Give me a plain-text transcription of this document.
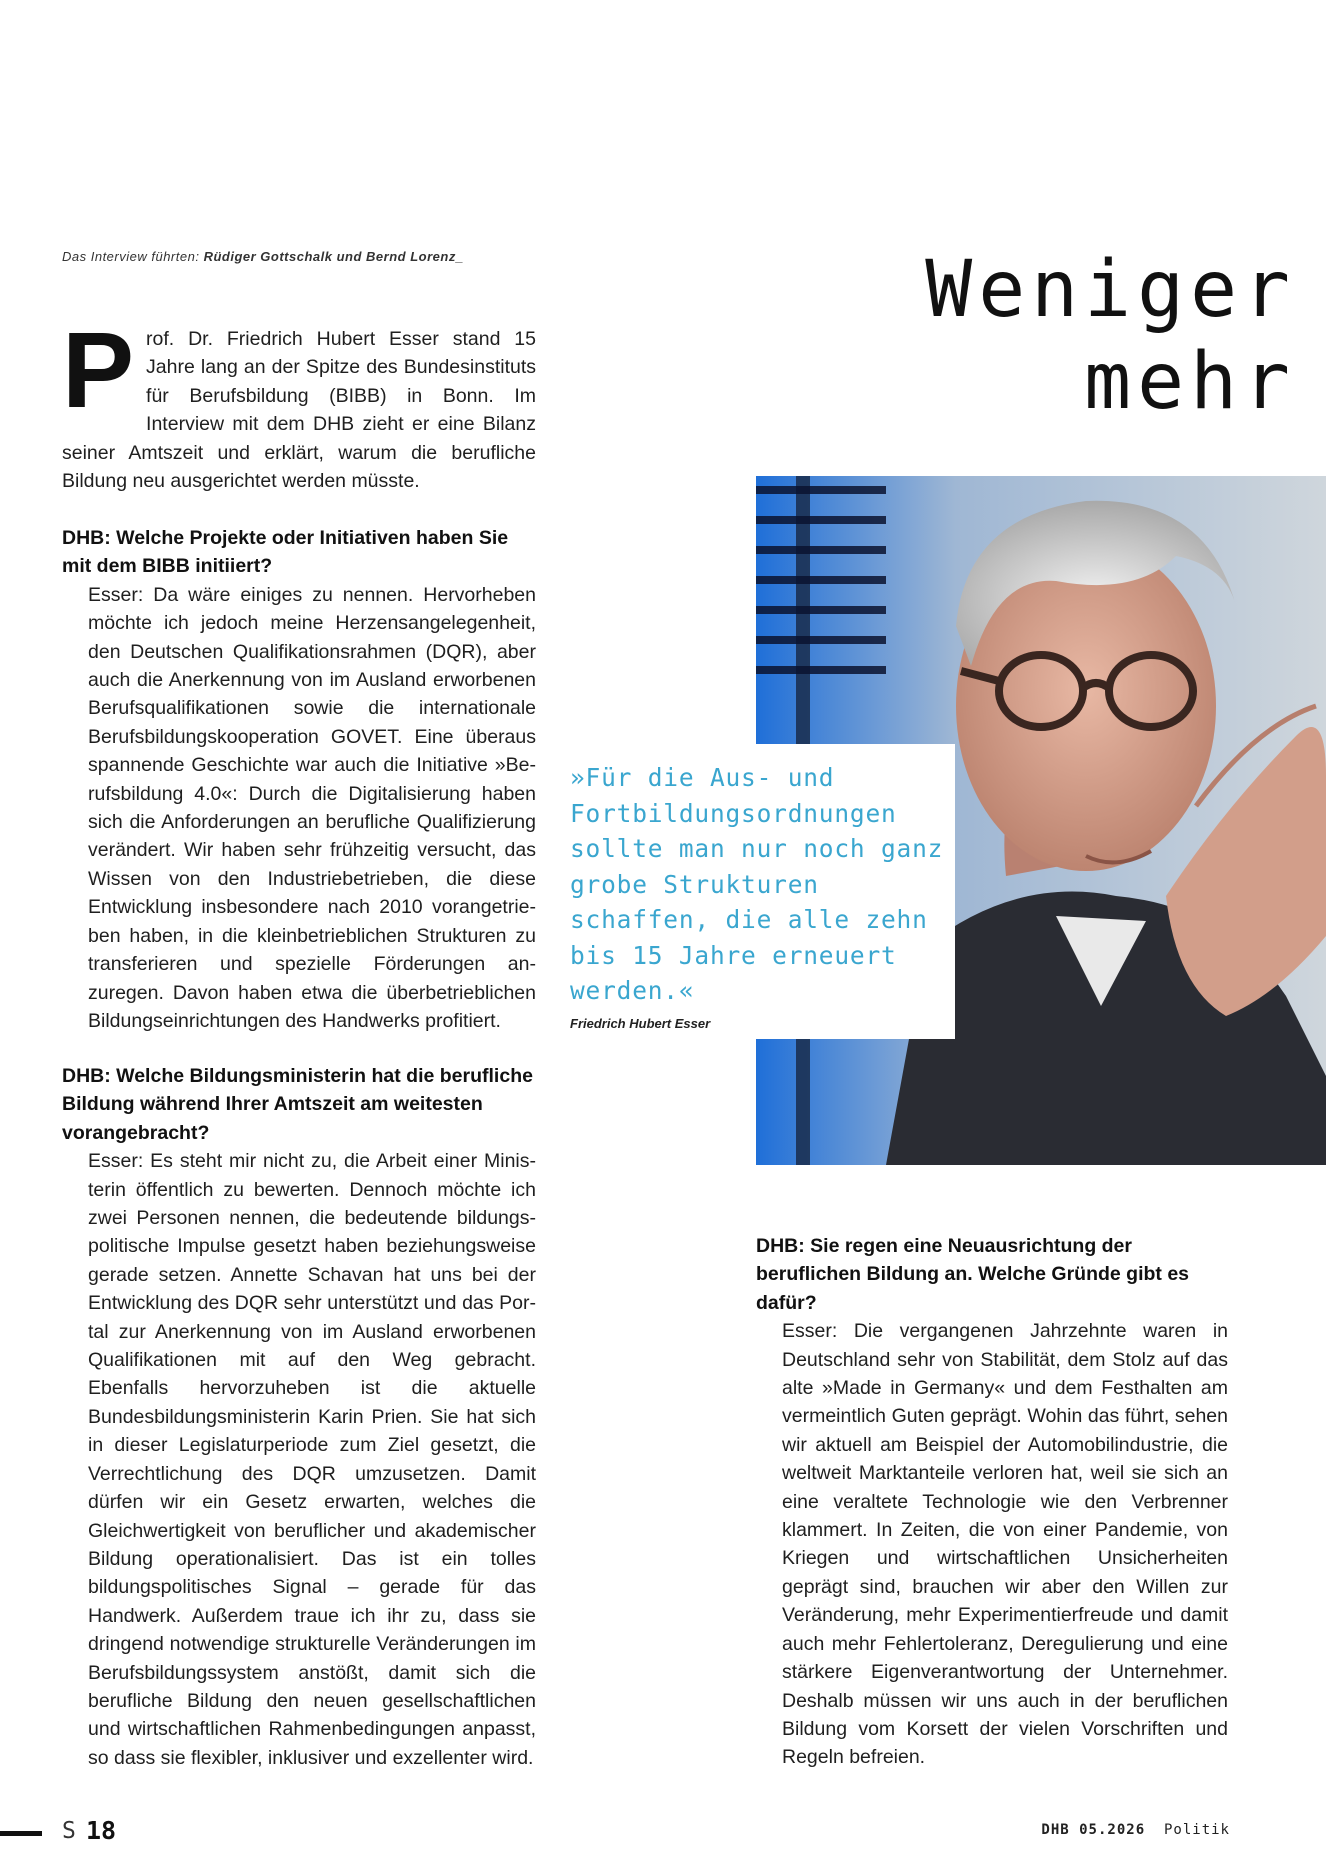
Das Interview führten: Rüdiger Gottschalk und Bernd Lorenz_	Weniger
mehr
Prof. Dr. Friedrich Hubert Esser stand 15 Jahre lang an der Spitze des Bundesinstituts für Berufsbildung (BIBB) in Bonn. Im Interview mit dem DHB zieht er eine Bilanz seiner Amtszeit und erklärt, warum die berufliche Bildung neu ausgerichtet werden müsste.

DHB: Welche Projekte oder Initiativen haben Sie mit dem BIBB initiiert?

Esser: Da wäre einiges zu nennen. Hervorheben möchte ich jedoch meine Herzensangelegenheit, den Deutschen Qualifikationsrahmen (DQR), aber auch die Anerkennung von im Ausland erworbenen Berufsqualifikationen sowie die internationale Berufsbildungskooperation GOVET. Eine überaus spannende Geschichte war auch die Initiative »Berufsbildung 4.0«: Durch die Digitalisierung haben sich die Anforderungen an berufliche Qualifizierung verändert. Wir haben sehr frühzeitig versucht, das Wissen von den Industriebetrieben, die diese Entwicklung insbesondere nach 2010 vorangetrieben haben, in die kleinbetrieblichen Strukturen zu transferieren und spezielle Förderungen anzuregen. Davon haben etwa die überbetrieblichen Bildungseinrichtungen des Handwerks profitiert.

DHB: Welche Bildungsministerin hat die berufliche Bildung während Ihrer Amtszeit am weitesten vorangebracht?

Esser: Es steht mir nicht zu, die Arbeit einer Ministerin öffentlich zu bewerten. Dennoch möchte ich zwei Personen nennen, die bedeutende bildungspolitische Impulse gesetzt haben beziehungsweise gerade setzen. Annette Schavan hat uns bei der Entwicklung des DQR sehr unterstützt und das Portal zur Anerkennung von im Ausland erworbenen Qualifikationen mit auf den Weg gebracht. Ebenfalls hervorzuheben ist die aktuelle Bundesbildungsministerin Karin Prien. Sie hat sich in dieser Legislaturperiode zum Ziel gesetzt, die Verrechtlichung des DQR umzusetzen. Damit dürfen wir ein Gesetz erwarten, welches die Gleichwertigkeit von beruflicher und akademischer Bildung operationalisiert. Das ist ein tolles bildungspolitisches Signal – gerade für das Handwerk. Außerdem traue ich ihr zu, dass sie dringend notwendige strukturelle Veränderungen im Berufsbildungssystem anstößt, damit sich die berufliche Bildung den neuen gesellschaftlichen und wirtschaftlichen Rahmenbedingungen anpasst, so dass sie flexibler, inklusiver und exzellenter wird.

»Für die Aus- und Fortbildungsordnungen sollte man nur noch ganz grobe Strukturen schaffen, die alle zehn bis 15 Jahre erneuert werden.«
Friedrich Hubert Esser

DHB: Sie regen eine Neuausrichtung der beruflichen Bildung an. Welche Gründe gibt es dafür?

Esser: Die vergangenen Jahrzehnte waren in Deutschland sehr von Stabilität, dem Stolz auf das alte »Made in Germany« und dem Festhalten am vermeintlich Guten geprägt. Wohin das führt, sehen wir aktuell am Beispiel der Automobilindustrie, die weltweit Marktanteile verloren hat, weil sie sich an eine veraltete Technologie wie den Verbrenner klammert. In Zeiten, die von einer Pandemie, von Kriegen und wirtschaftlichen Unsicherheiten geprägt sind, brauchen wir aber den Willen zur Veränderung, mehr Experimentierfreude und damit auch mehr Fehlertoleranz, Deregulierung und eine stärkere Eigenverantwortung der Unternehmer. Deshalb müssen wir uns auch in der beruflichen Bildung vom Korsett der vielen Vorschriften und Regeln befreien.

S 18	DHB 05.2026 Politik
